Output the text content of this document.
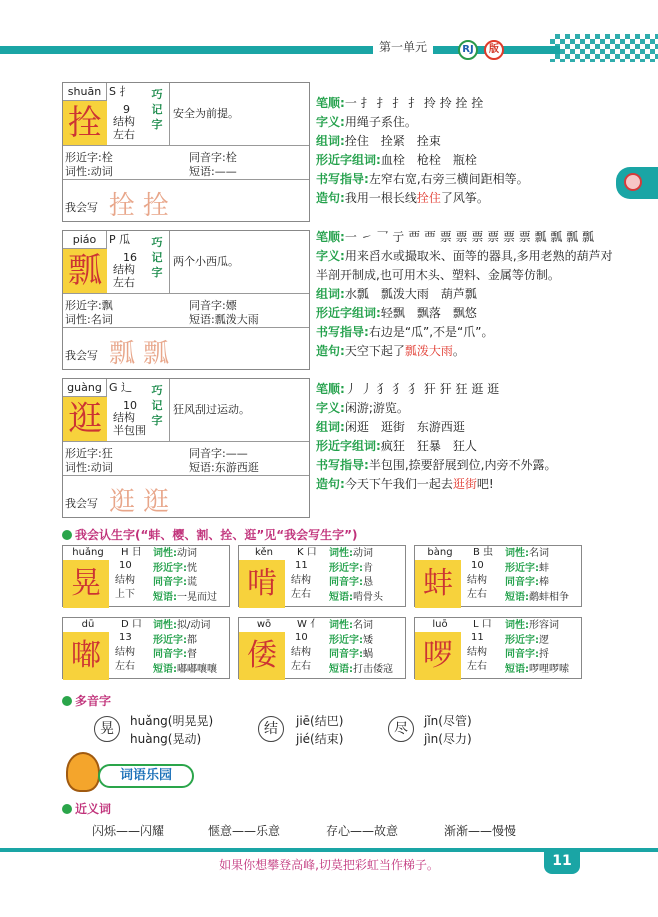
第一单元	RJ	版
shuān S 扌
拴	9
结构
左右
巧记字
安全为前提。
形近字:栓	同音字:栓
词性:动词	短语:——
我会写 拴拴
piáo	P 瓜
瓢	16
结构
左右
巧记字
两个小西瓜。
形近字:飘	同音字:嫖
词性:名词	短语:瓢泼大雨
我会写 瓢瓢
guàng G 辶
逛	10
结构
半包围
巧记字
狂风刮过运动。
形近字:狂	同音字:——
词性:动词	短语:东游西逛
我会写 逛逛
笔顺:一 扌 扌 扌 扌 拎 拎 拴 拴
字义:用绳子系住。
组词:拴住　拴紧　拴束
形近字组词:血栓　枪栓　瓶栓
书写指导:左窄右宽,右旁三横间距相等。
造句:我用一根长线拴住了风筝。
笔顺:一 ㇀ 乛 亍 覀 覀 票 票 票 票 票 票 瓢 瓢 瓢 瓢
字义:用来舀水或撮取米、面等的器具,多用老熟的葫芦对半剖开制成,也可用木头、塑料、金属等仿制。
组词:水瓢　瓢泼大雨　葫芦瓢
形近字组词:轻飘　飘落　飘悠
书写指导:右边是“瓜”,不是“爪”。
造句:天空下起了瓢泼大雨。
笔顺:丿 丿 犭 犭 犭 犴 犴 狂 逛 逛
字义:闲游;游览。
组词:闲逛　逛街　东游西逛
形近字组词:疯狂　狂暴　狂人
书写指导:半包围,捺要舒展到位,内旁不外露。
造句:今天下午我们一起去逛街吧!
我会认生字(“蚌、樱、割、拴、逛”见“我会写生字”)
huǎng	H 日
晃
10
结构
上下
词性:动词
形近字:恍
同音字:谎
短语:一晃而过
kěn	K 口
啃
11
结构
左右
词性:动词
形近字:肯
同音字:恳
短语:啃骨头
bàng	B 虫
蚌
10
结构
左右
词性:名词
形近字:蚌
同音字:棒
短语:鹬蚌相争
dū	D 口
嘟
13
结构
左右
词性:拟/动词
形近字:都
同音字:督
短语:嘟嘟嚷嚷
wō	W 亻
倭
10
结构
左右
词性:名词
形近字:矮
同音字:蜗
短语:打击倭寇
luō	L 口
啰
11
结构
左右
词性:形容词
形近字:逻
同音字:捋
短语:啰哩啰嗦
多音字
晃	huǎng(明晃晃)
huàng(晃动)
结	jiē(结巴)
jié(结束)
尽	jǐn(尽管)
jìn(尽力)
词语乐园
近义词
闪烁——闪耀	惬意——乐意	存心——故意	渐渐——慢慢
如果你想攀登高峰,切莫把彩虹当作梯子。	11
